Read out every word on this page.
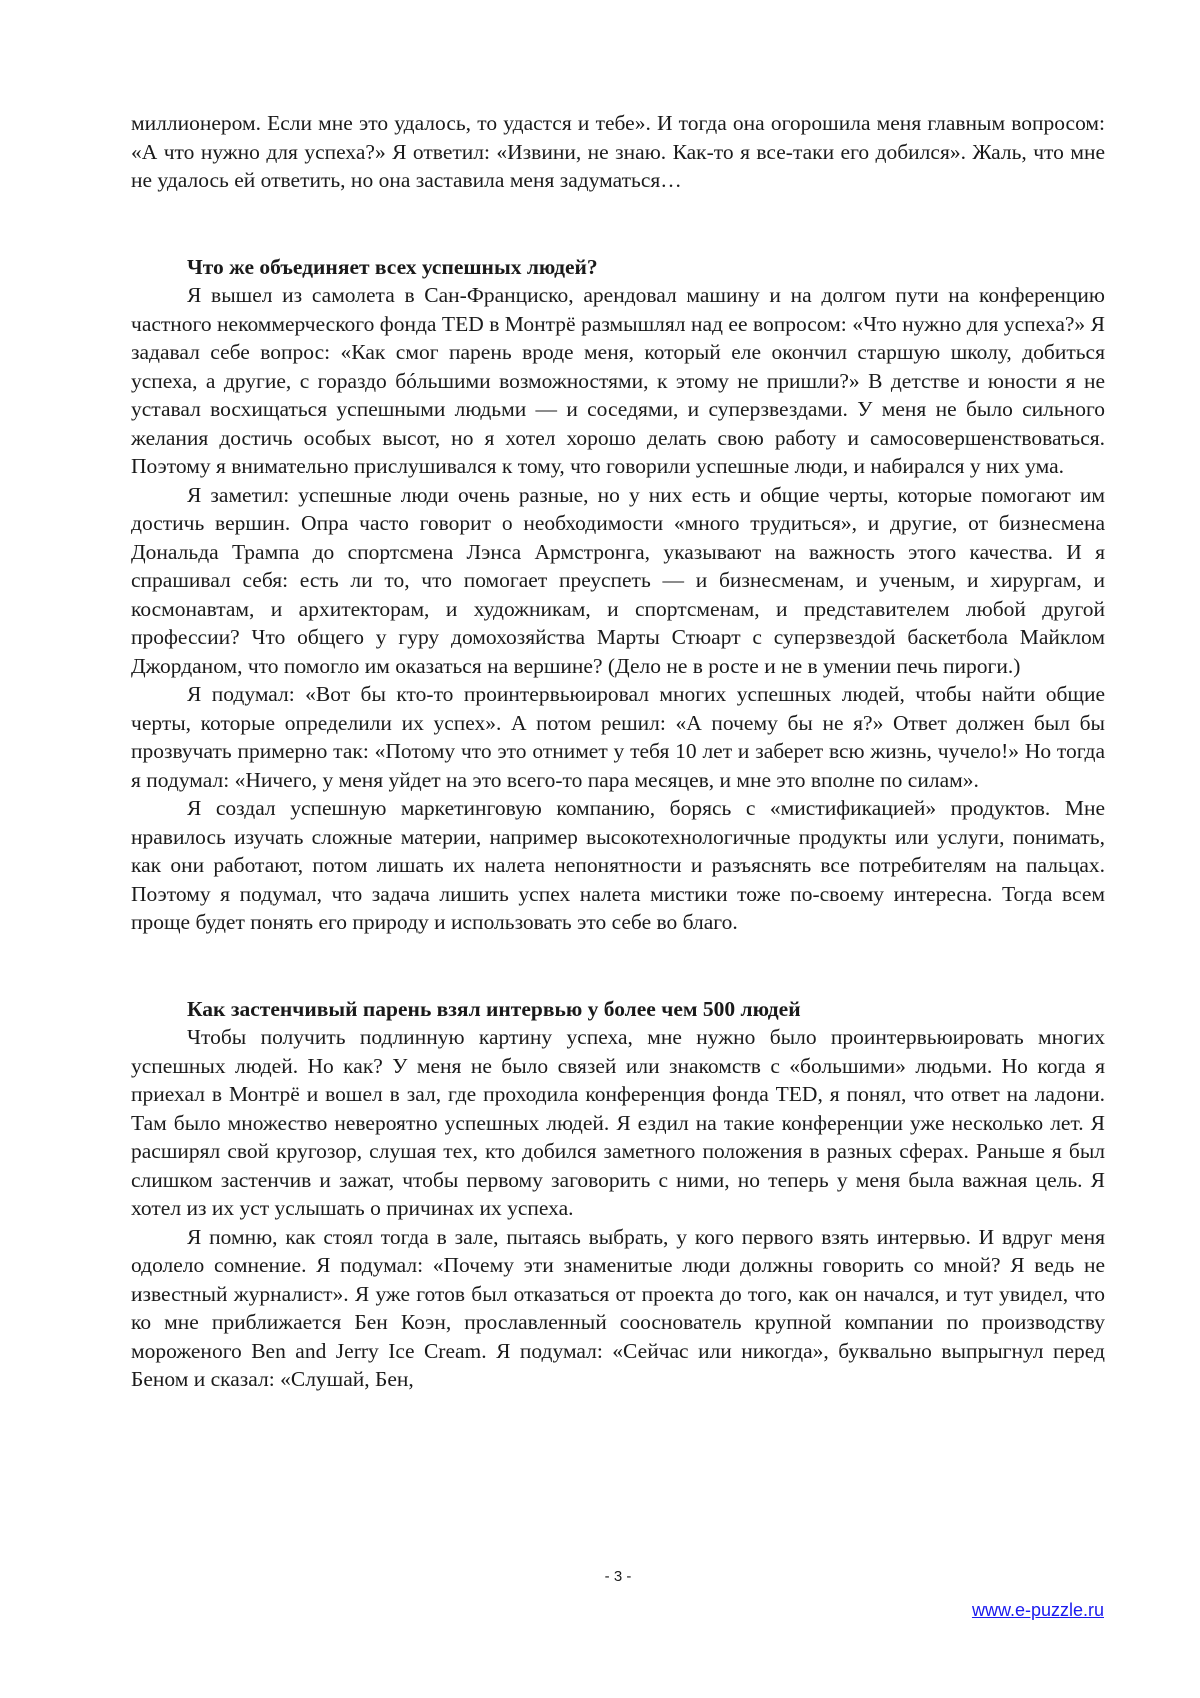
миллионером. Если мне это удалось, то удастся и тебе». И тогда она огорошила меня главным вопросом: «А что нужно для успеха?» Я ответил: «Извини, не знаю. Как-то я все-таки его добился». Жаль, что мне не удалось ей ответить, но она заставила меня задуматься…

Что же объединяет всех успешных людей?

Я вышел из самолета в Сан-Франциско, арендовал машину и на долгом пути на конференцию частного некоммерческого фонда TED в Монтрё размышлял над ее вопросом: «Что нужно для успеха?» Я задавал себе вопрос: «Как смог парень вроде меня, который еле окончил старшую школу, добиться успеха, а другие, с гораздо бóльшими возможностями, к этому не пришли?» В детстве и юности я не уставал восхищаться успешными людьми — и соседями, и суперзвездами. У меня не было сильного желания достичь особых высот, но я хотел хорошо делать свою работу и самосовершенствоваться. Поэтому я внимательно прислушивался к тому, что говорили успешные люди, и набирался у них ума.

Я заметил: успешные люди очень разные, но у них есть и общие черты, которые помогают им достичь вершин. Опра часто говорит о необходимости «много трудиться», и другие, от бизнесмена Дональда Трампа до спортсмена Лэнса Армстронга, указывают на важность этого качества. И я спрашивал себя: есть ли то, что помогает преуспеть — и бизнесменам, и ученым, и хирургам, и космонавтам, и архитекторам, и художникам, и спортсменам, и представителем любой другой профессии? Что общего у гуру домохозяйства Марты Стюарт с суперзвездой баскетбола Майклом Джорданом, что помогло им оказаться на вершине? (Дело не в росте и не в умении печь пироги.)

Я подумал: «Вот бы кто-то проинтервьюировал многих успешных людей, чтобы найти общие черты, которые определили их успех». А потом решил: «А почему бы не я?» Ответ должен был бы прозвучать примерно так: «Потому что это отнимет у тебя 10 лет и заберет всю жизнь, чучело!» Но тогда я подумал: «Ничего, у меня уйдет на это всего-то пара месяцев, и мне это вполне по силам».

Я создал успешную маркетинговую компанию, борясь с «мистификацией» продуктов. Мне нравилось изучать сложные материи, например высокотехнологичные продукты или услуги, понимать, как они работают, потом лишать их налета непонятности и разъяснять все потребителям на пальцах. Поэтому я подумал, что задача лишить успех налета мистики тоже по-своему интересна. Тогда всем проще будет понять его природу и использовать это себе во благо.

Как застенчивый парень взял интервью у более чем 500 людей

Чтобы получить подлинную картину успеха, мне нужно было проинтервьюировать многих успешных людей. Но как? У меня не было связей или знакомств с «большими» людьми. Но когда я приехал в Монтрё и вошел в зал, где проходила конференция фонда TED, я понял, что ответ на ладони. Там было множество невероятно успешных людей. Я ездил на такие конференции уже несколько лет. Я расширял свой кругозор, слушая тех, кто добился заметного положения в разных сферах. Раньше я был слишком застенчив и зажат, чтобы первому заговорить с ними, но теперь у меня была важная цель. Я хотел из их уст услышать о причинах их успеха.

Я помню, как стоял тогда в зале, пытаясь выбрать, у кого первого взять интервью. И вдруг меня одолело сомнение. Я подумал: «Почему эти знаменитые люди должны говорить со мной? Я ведь не известный журналист». Я уже готов был отказаться от проекта до того, как он начался, и тут увидел, что ко мне приближается Бен Коэн, прославленный сооснователь крупной компании по производству мороженого Ben and Jerry Ice Cream. Я подумал: «Сейчас или никогда», буквально выпрыгнул перед Беном и сказал: «Слушай, Бен,

- 3 -
www.e-puzzle.ru
